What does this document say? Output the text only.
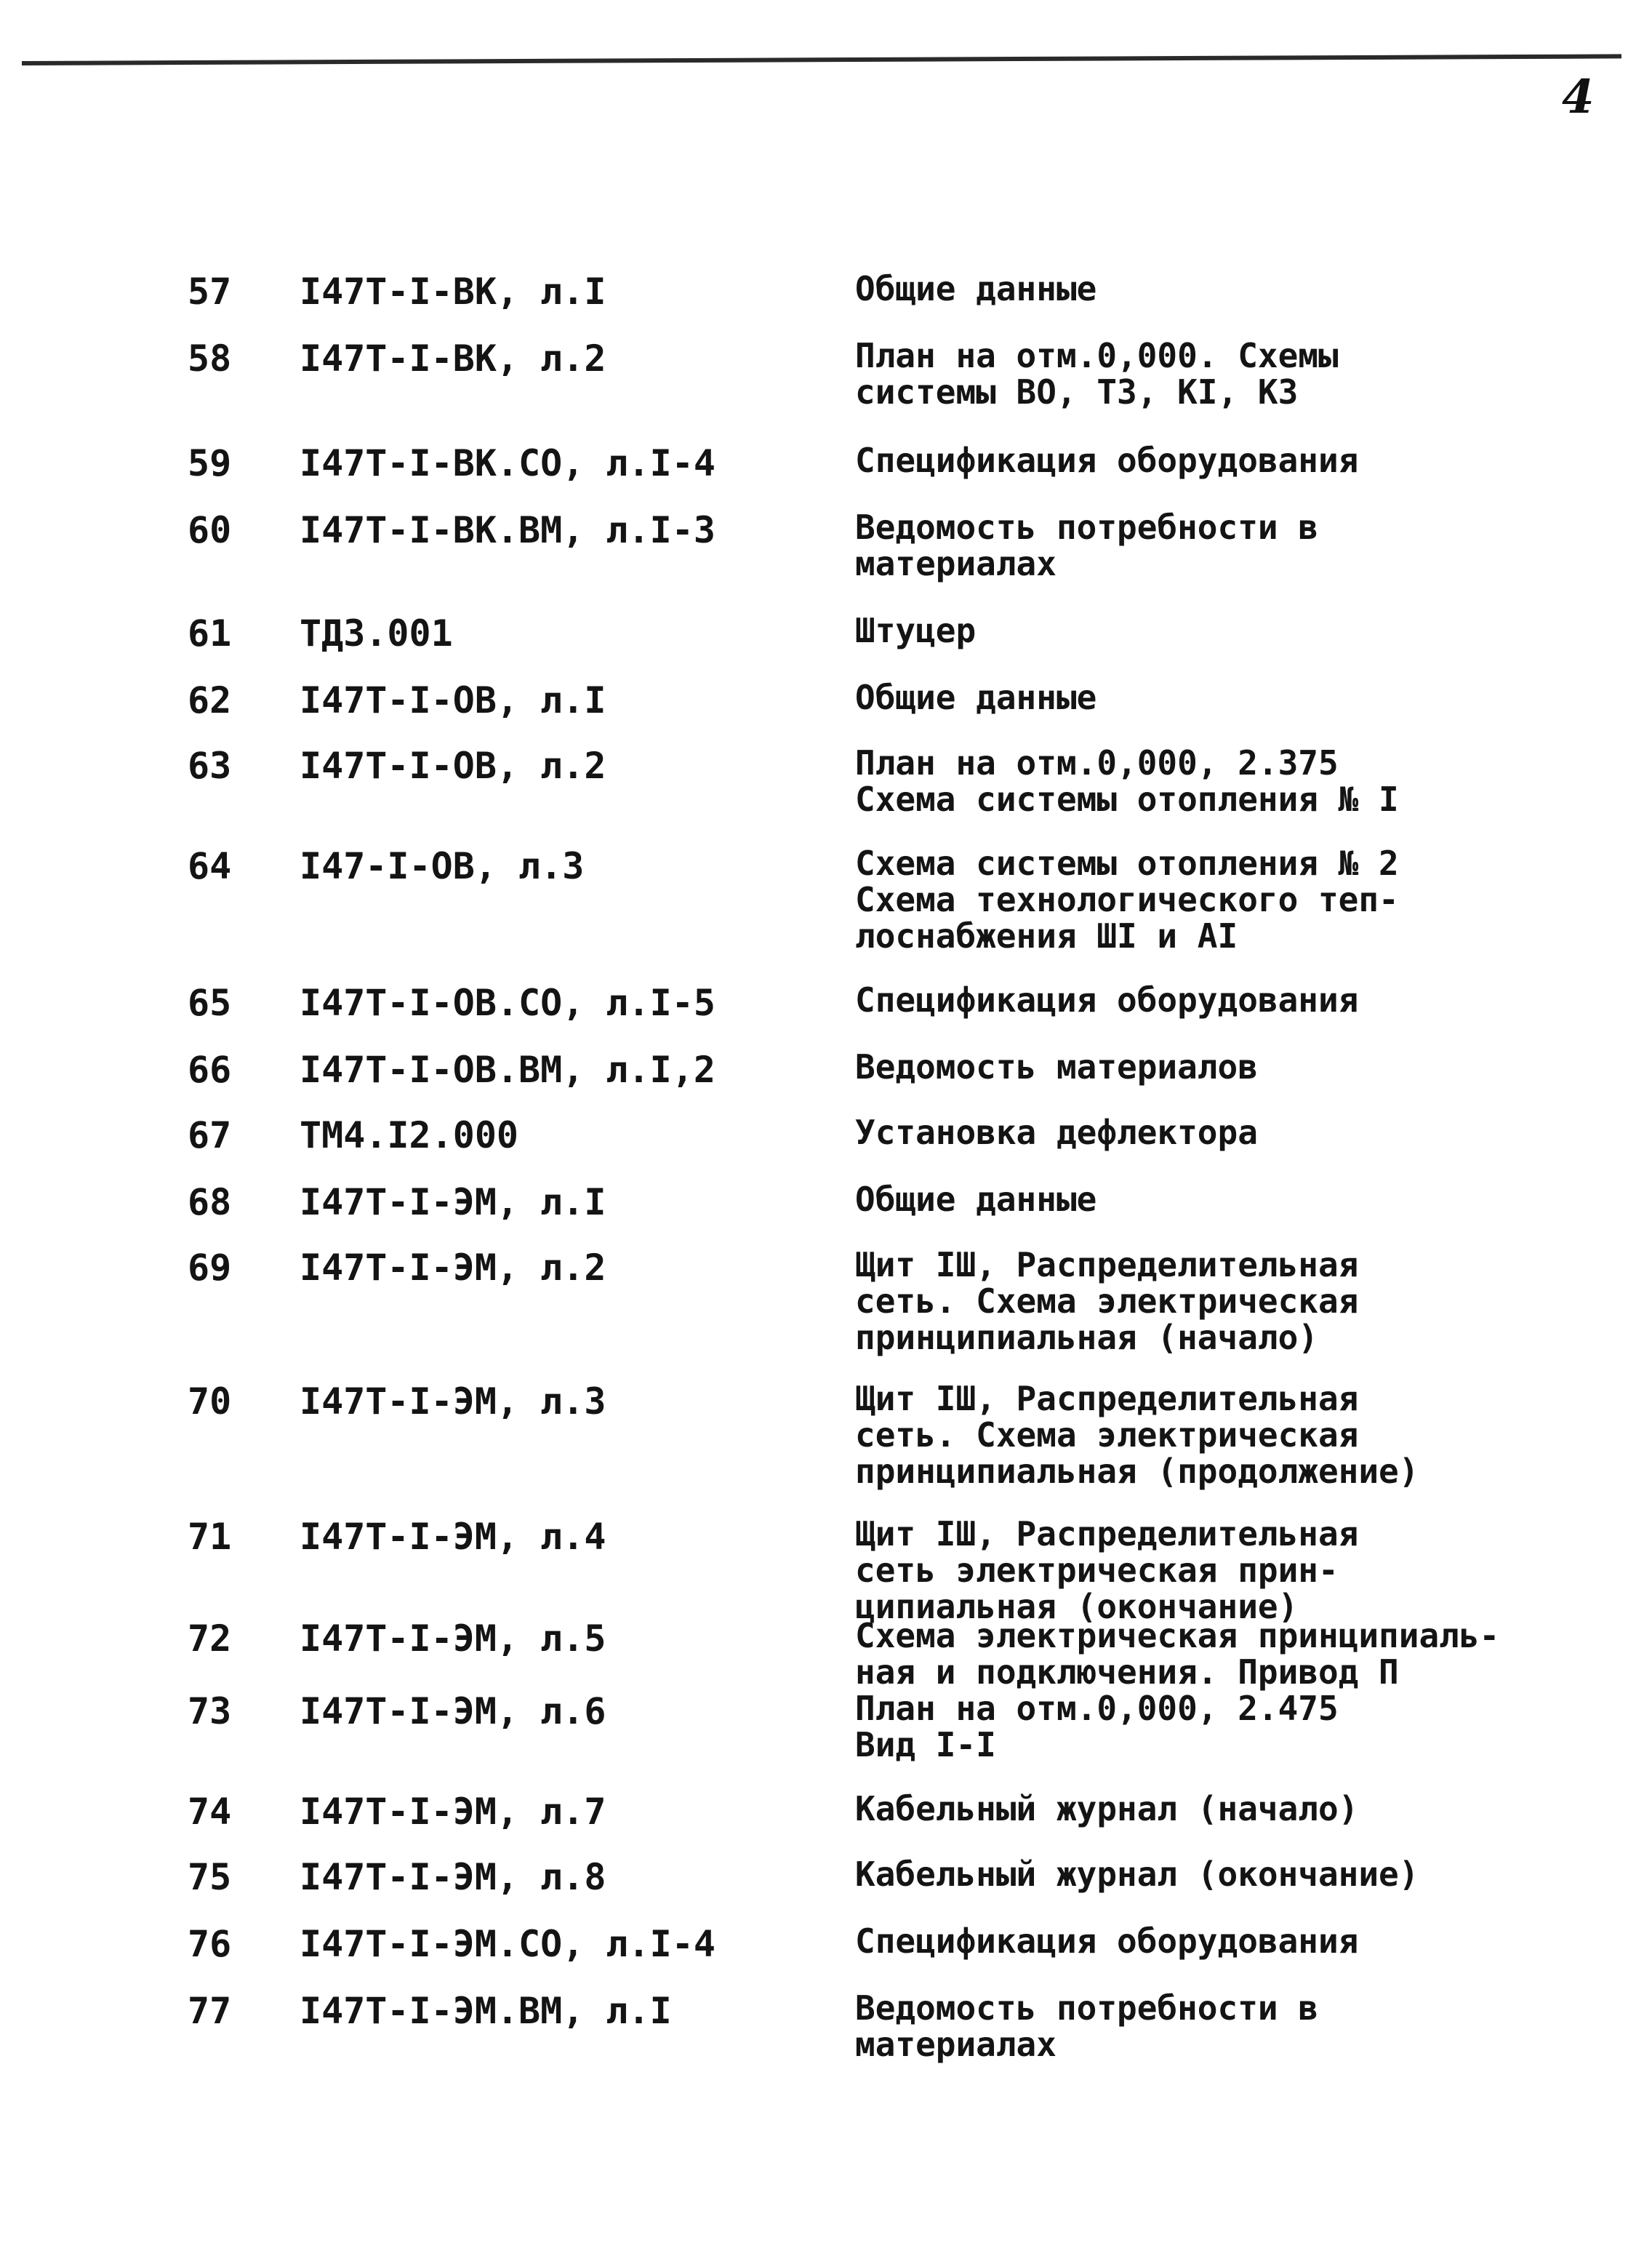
4
57 I47Т-I-ВК, л.I	Общие данные
58 I47Т-I-ВК, л.2	План на отм.0,000. Схемы
системы ВО, ТЗ, КI, КЗ
59 I47Т-I-ВК.СО, л.I-4	Спецификация оборудования
60 I47Т-I-ВК.ВМ, л.I-3	Ведомость потребности в
материалах
61 ТДЗ.001	Штуцер
62 I47Т-I-ОВ, л.I	Общие данные
63 I47Т-I-ОВ, л.2	План на отм.0,000, 2.375
Схема системы отопления № I
64 I47-I-ОВ, л.3	Схема системы отопления № 2
Схема технологического теп-
лоснабжения ШI и АI
65 I47Т-I-ОВ.СО, л.I-5	Спецификация оборудования
66 I47Т-I-ОВ.ВМ, л.I,2	Ведомость материалов
67 ТМ4.I2.000	Установка дефлектора
68 I47Т-I-ЭМ, л.I	Общие данные
69 I47Т-I-ЭМ, л.2	Щит IШ, Распределительная
сеть. Схема электрическая
принципиальная (начало)
70 I47Т-I-ЭМ, л.3	Щит IШ, Распределительная
сеть. Схема электрическая
принципиальная (продолжение)
71 I47Т-I-ЭМ, л.4	Щит IШ, Распределительная
сеть электрическая прин-
ципиальная (окончание)
72 I47Т-I-ЭМ, л.5	Схема электрическая принципиаль-
ная и подключения. Привод П
73 I47Т-I-ЭМ, л.6	План на отм.0,000, 2.475
Вид I-I
74 I47Т-I-ЭМ, л.7	Кабельный журнал (начало)
75 I47Т-I-ЭМ, л.8	Кабельный журнал (окончание)
76 I47Т-I-ЭМ.СО, л.I-4	Спецификация оборудования
77 I47Т-I-ЭМ.ВМ, л.I	Ведомость потребности в
материалах
